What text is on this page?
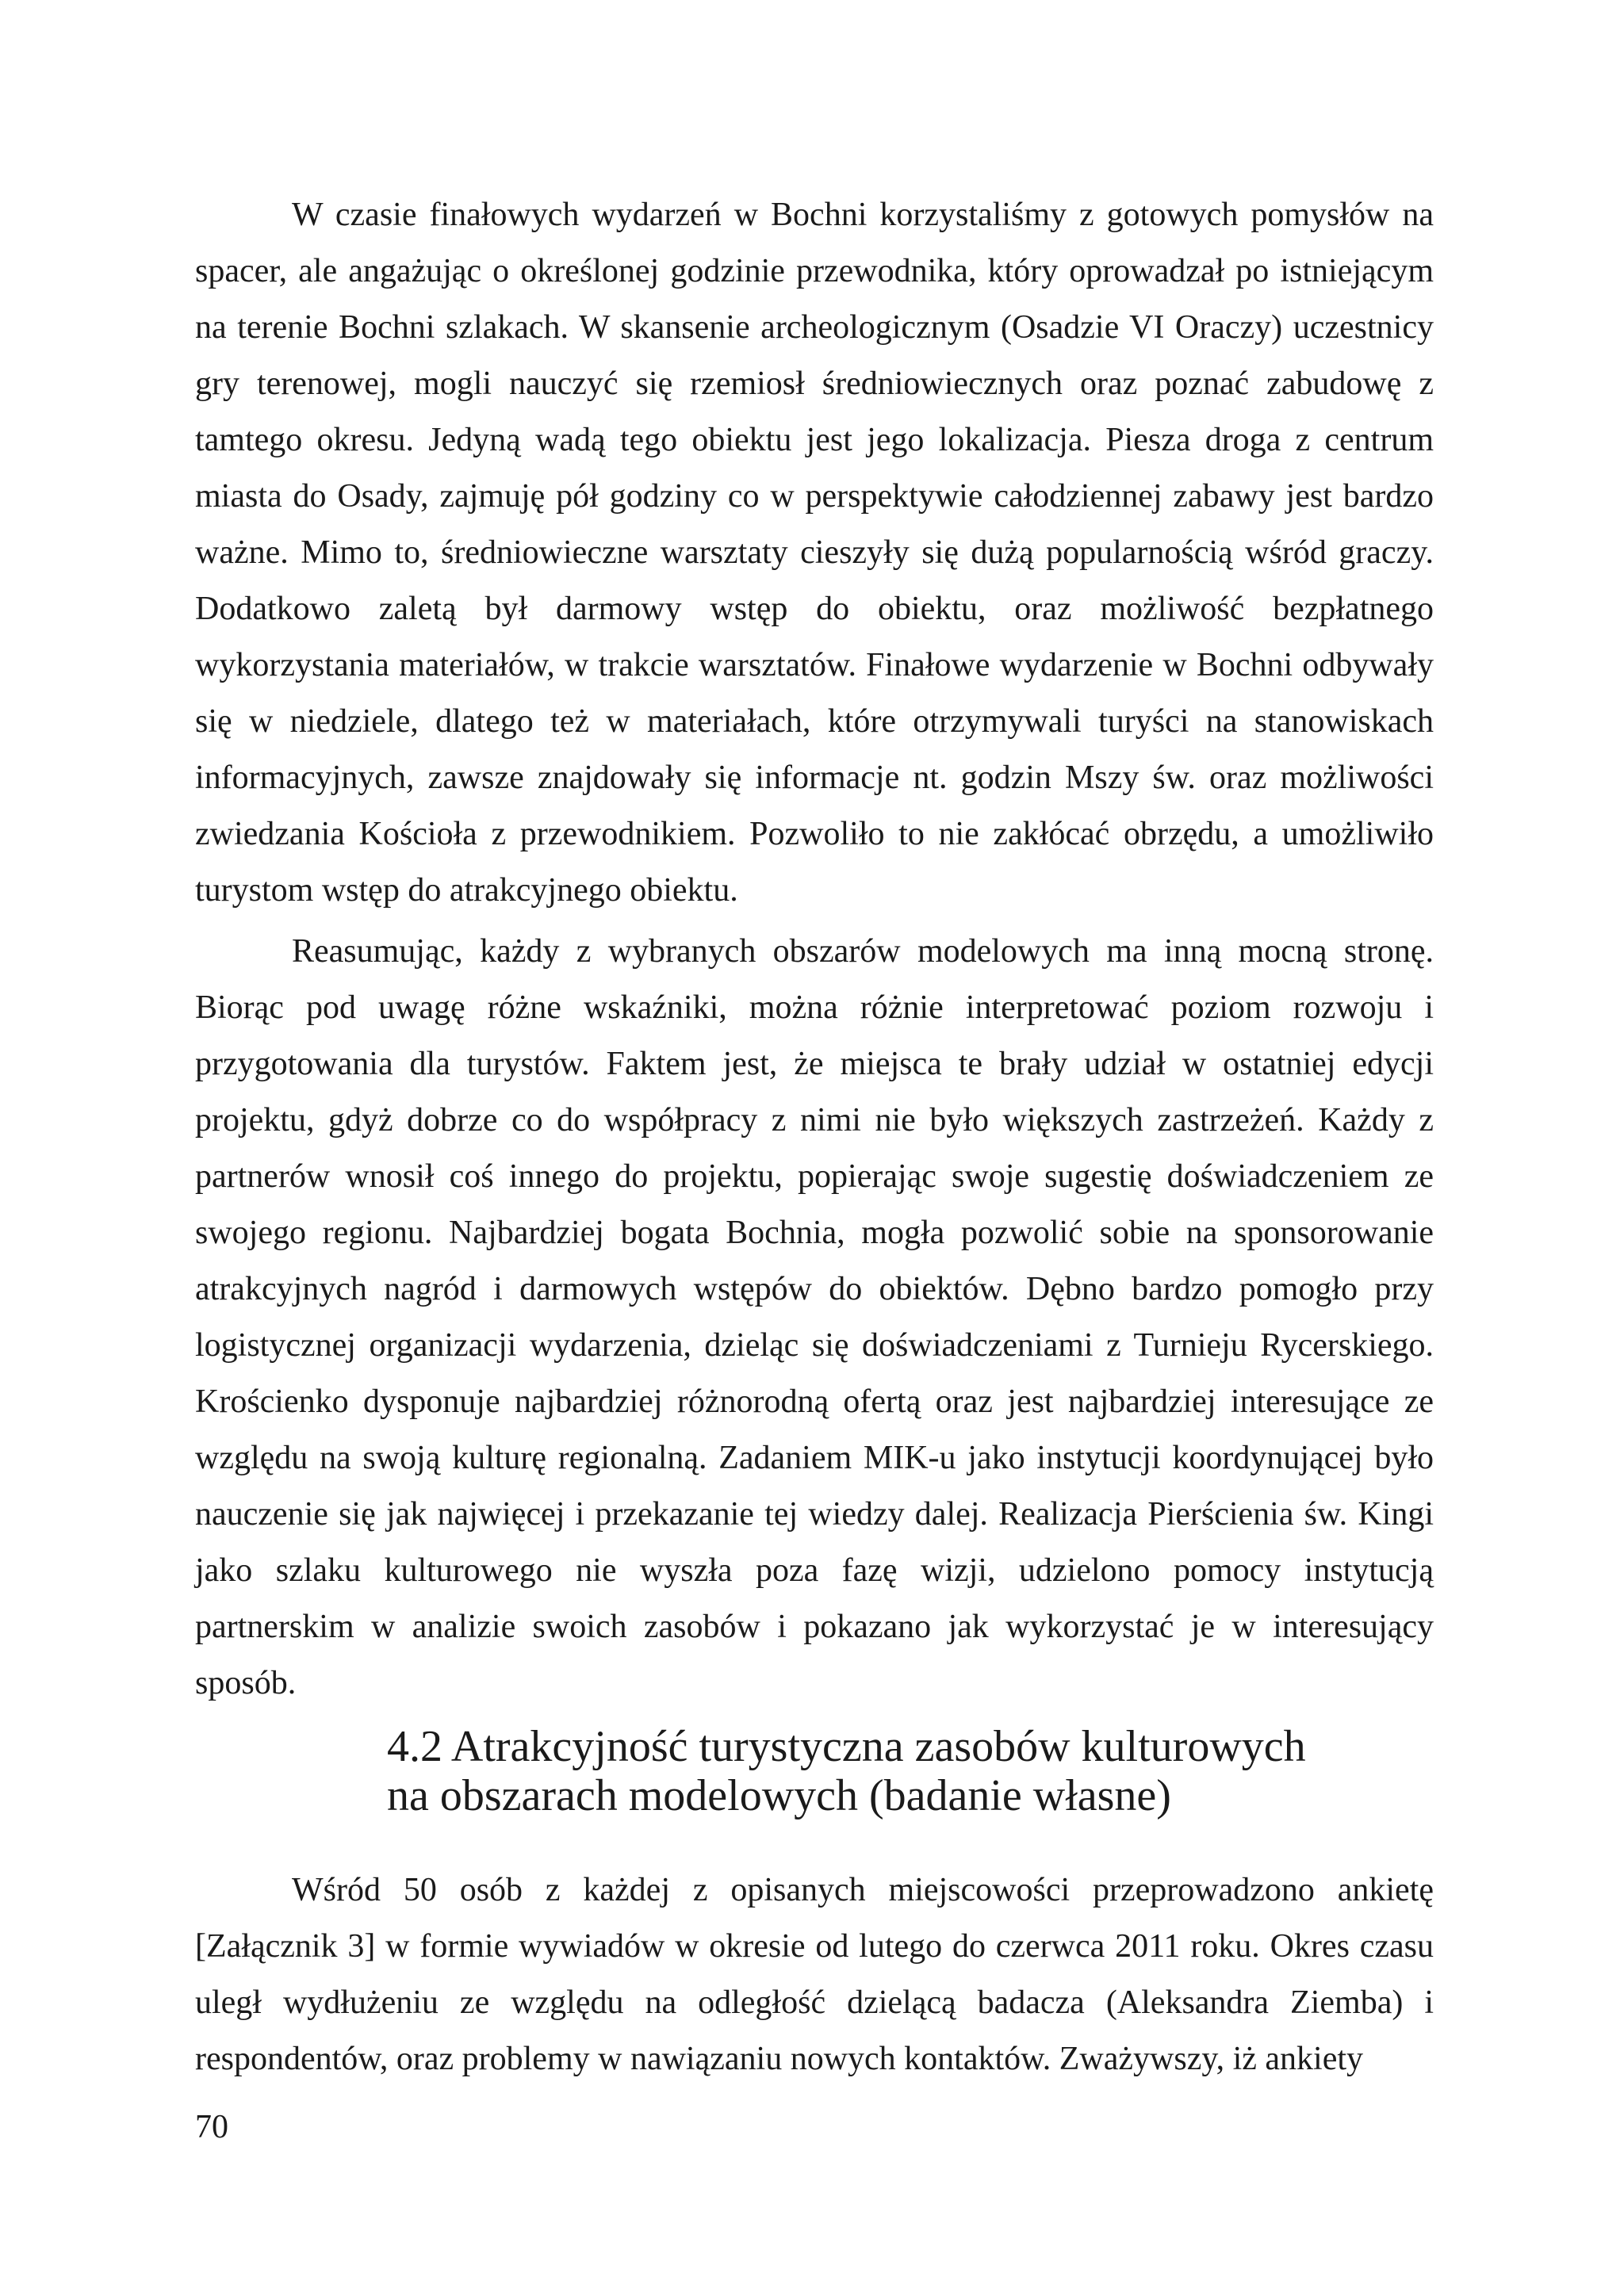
W czasie finałowych wydarzeń w Bochni korzystaliśmy z gotowych pomysłów na spacer, ale angażując o określonej godzinie przewodnika, który oprowadzał po istniejącym na terenie Bochni szlakach. W skansenie archeologicznym (Osadzie VI Oraczy) uczestnicy gry terenowej, mogli nauczyć się rzemiosł średniowiecznych oraz poznać zabudowę z tamtego okresu. Jedyną wadą tego obiektu jest jego lokalizacja. Piesza droga z centrum miasta do Osady, zajmuję pół godziny co w perspektywie całodziennej zabawy jest bardzo ważne. Mimo to, średniowieczne warsztaty cieszyły się dużą popularnością wśród graczy. Dodatkowo zaletą był darmowy wstęp do obiektu, oraz możliwość bezpłatnego wykorzystania materiałów, w trakcie warsztatów. Finałowe wydarzenie w Bochni odbywały się w niedziele, dlatego też w materiałach, które otrzymywali turyści na stanowiskach informacyjnych, zawsze znajdowały się informacje nt. godzin Mszy św. oraz możliwości zwiedzania Kościoła z przewodnikiem. Pozwoliło to nie zakłócać obrzędu, a umożliwiło turystom wstęp do atrakcyjnego obiektu.

Reasumując, każdy z wybranych obszarów modelowych ma inną mocną stronę. Biorąc pod uwagę różne wskaźniki, można różnie interpretować poziom rozwoju i przygotowania dla turystów. Faktem jest, że miejsca te brały udział w ostatniej edycji projektu, gdyż dobrze co do współpracy z nimi nie było większych zastrzeżeń. Każdy z partnerów wnosił coś innego do projektu, popierając swoje sugestię doświadczeniem ze swojego regionu. Najbardziej bogata Bochnia, mogła pozwolić sobie na sponsorowanie atrakcyjnych nagród i darmowych wstępów do obiektów. Dębno bardzo pomogło przy logistycznej organizacji wydarzenia, dzieląc się doświadczeniami z Turnieju Rycerskiego. Krościenko dysponuje najbardziej różnorodną ofertą oraz jest najbardziej interesujące ze względu na swoją kulturę regionalną. Zadaniem MIK-u jako instytucji koordynującej było nauczenie się jak najwięcej i przekazanie tej wiedzy dalej. Realizacja Pierścienia św. Kingi jako szlaku kulturowego nie wyszła poza fazę wizji, udzielono pomocy instytucją partnerskim w analizie swoich zasobów i pokazano jak wykorzystać je w interesujący sposób.

4.2 Atrakcyjność turystyczna zasobów kulturowych
na obszarach modelowych (badanie własne)

Wśród 50 osób z każdej z opisanych miejscowości przeprowadzono ankietę [Załącznik 3] w formie wywiadów w okresie od lutego do czerwca 2011 roku. Okres czasu uległ wydłużeniu ze względu na odległość dzielącą badacza (Aleksandra Ziemba) i respondentów, oraz problemy w nawiązaniu nowych kontaktów. Zważywszy, iż ankiety

70
